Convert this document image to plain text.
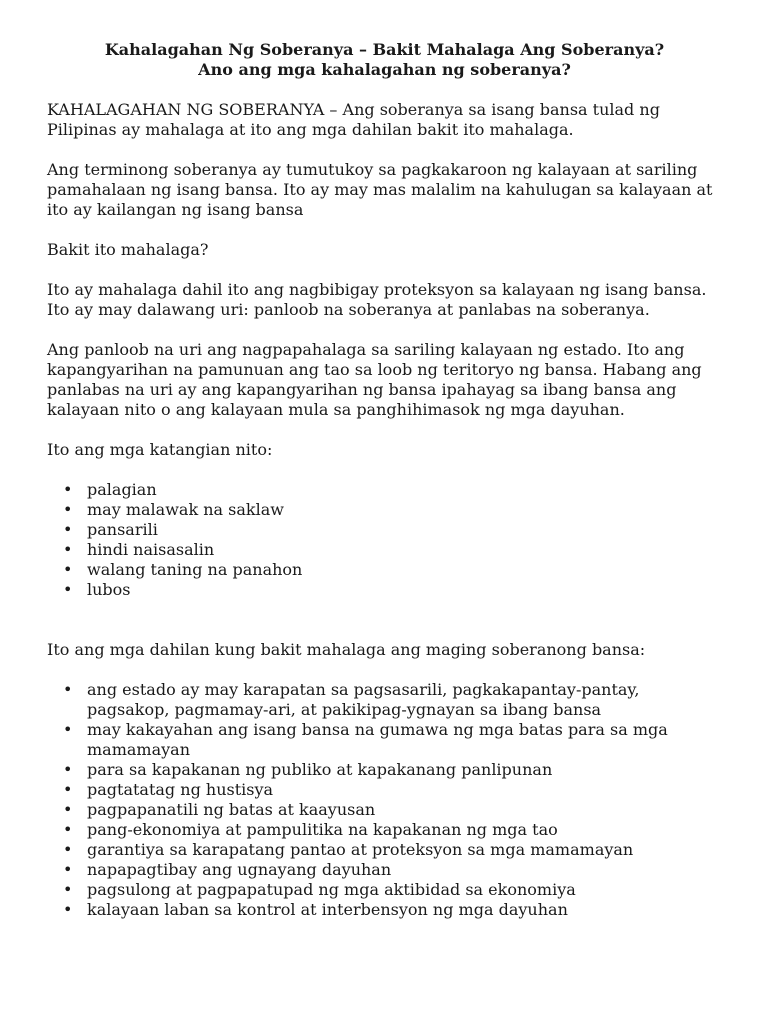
Kahalagahan Ng Soberanya – Bakit Mahalaga Ang Soberanya?
Ano ang mga kahalagahan ng soberanya?

KAHALAGAHAN NG SOBERANYA – Ang soberanya sa isang bansa tulad ng Pilipinas ay mahalaga at ito ang mga dahilan bakit ito mahalaga.

Ang terminong soberanya ay tumutukoy sa pagkakaroon ng kalayaan at sariling pamahalaan ng isang bansa. Ito ay may mas malalim na kahulugan sa kalayaan at ito ay kailangan ng isang bansa

Bakit ito mahalaga?

Ito ay mahalaga dahil ito ang nagbibigay proteksyon sa kalayaan ng isang bansa. Ito ay may dalawang uri: panloob na soberanya at panlabas na soberanya.

Ang panloob na uri ang nagpapahalaga sa sariling kalayaan ng estado. Ito ang kapangyarihan na pamunuan ang tao sa loob ng teritoryo ng bansa. Habang ang panlabas na uri ay ang kapangyarihan ng bansa ipahayag sa ibang bansa ang kalayaan nito o ang kalayaan mula sa panghihimasok ng mga dayuhan.

Ito ang mga katangian nito:

• palagian
• may malawak na saklaw
• pansarili
• hindi naisasalin
• walang taning na panahon
• lubos

Ito ang mga dahilan kung bakit mahalaga ang maging soberanong bansa:

• ang estado ay may karapatan sa pagsasarili, pagkakapantay-pantay, pagsakop, pagmamay-ari, at pakikipag-ygnayan sa ibang bansa
• may kakayahan ang isang bansa na gumawa ng mga batas para sa mga mamamayan
• para sa kapakanan ng publiko at kapakanang panlipunan
• pagtatatag ng hustisya
• pagpapanatili ng batas at kaayusan
• pang-ekonomiya at pampulitika na kapakanan ng mga tao
• garantiya sa karapatang pantao at proteksyon sa mga mamamayan
• napapagtibay ang ugnayang dayuhan
• pagsulong at pagpapatupad ng mga aktibidad sa ekonomiya
• kalayaan laban sa kontrol at interbensyon ng mga dayuhan
